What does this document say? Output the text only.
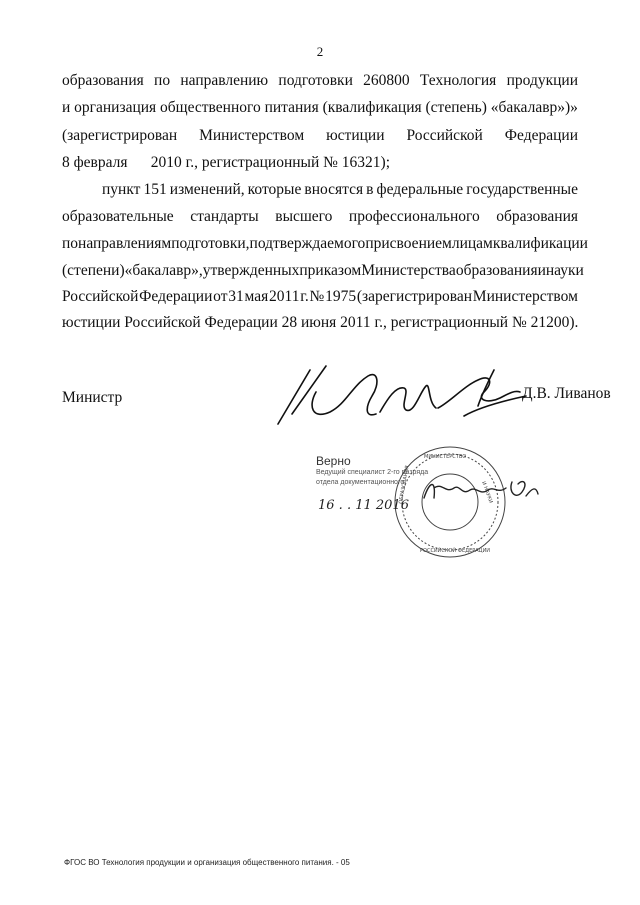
2
образования по направлению подготовки 260800 Технология продукции
и организация общественного питания (квалификация (степень) «бакалавр»)»
(зарегистрирован Министерством юстиции Российской Федерации
8 февраля      2010 г., регистрационный № 16321);
пункт 151 изменений, которые вносятся в федеральные государственные
образовательные стандарты высшего профессионального образования
по направлениям подготовки, подтверждаемого присвоением лицам квалификации
(степени) «бакалавр», утвержденных приказом Министерства образования и науки
Российской Федерации от 31 мая 2011 г. № 1975 (зарегистрирован Министерством
юстиции Российской Федерации 28 июня 2011 г., регистрационный № 21200).
Министр	Д.В. Ливанов
МИНИСТЕРСТВО
ОБРАЗОВАНИЯ	И НАУКИ
РОССИЙСКОЙ ФЕДЕРАЦИИ
Верно
Ведущий специалист 2-го разряда
отдела документационного
16 . . 11 2016
ФГОС ВО Технология продукции и организация общественного питания. - 05
